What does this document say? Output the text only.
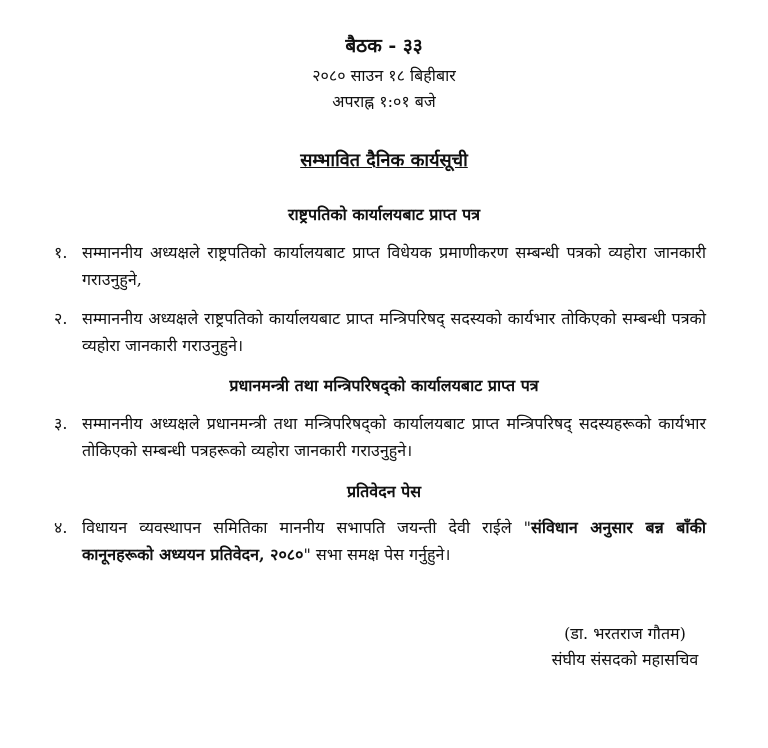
बैठक - ३३
२०८० साउन १८ बिहीबार
अपराह्न १:०१ बजे
सम्भावित दैनिक कार्यसूची
राष्ट्रपतिको कार्यालयबाट प्राप्त पत्र
१. सम्माननीय अध्यक्षले राष्ट्रपतिको कार्यालयबाट प्राप्त विधेयक प्रमाणीकरण सम्बन्धी पत्रको व्यहोरा जानकारी गराउनुहुने,
२. सम्माननीय अध्यक्षले राष्ट्रपतिको कार्यालयबाट प्राप्त मन्त्रिपरिषद् सदस्यको कार्यभार तोकिएको सम्बन्धी पत्रको व्यहोरा जानकारी गराउनुहुने।
प्रधानमन्त्री तथा मन्त्रिपरिषद्को कार्यालयबाट प्राप्त पत्र
३. सम्माननीय अध्यक्षले प्रधानमन्त्री तथा मन्त्रिपरिषद्को कार्यालयबाट प्राप्त मन्त्रिपरिषद् सदस्यहरूको कार्यभार तोकिएको सम्बन्धी पत्रहरूको व्यहोरा जानकारी गराउनुहुने।
प्रतिवेदन पेस
४. विधायन व्यवस्थापन समितिका माननीय सभापति जयन्ती देवी राईले "संविधान अनुसार बन्न बाँकी कानूनहरूको अध्ययन प्रतिवेदन, २०८०" सभा समक्ष पेस गर्नुहुने।
(डा. भरतराज गौतम)
संघीय संसदको महासचिव
